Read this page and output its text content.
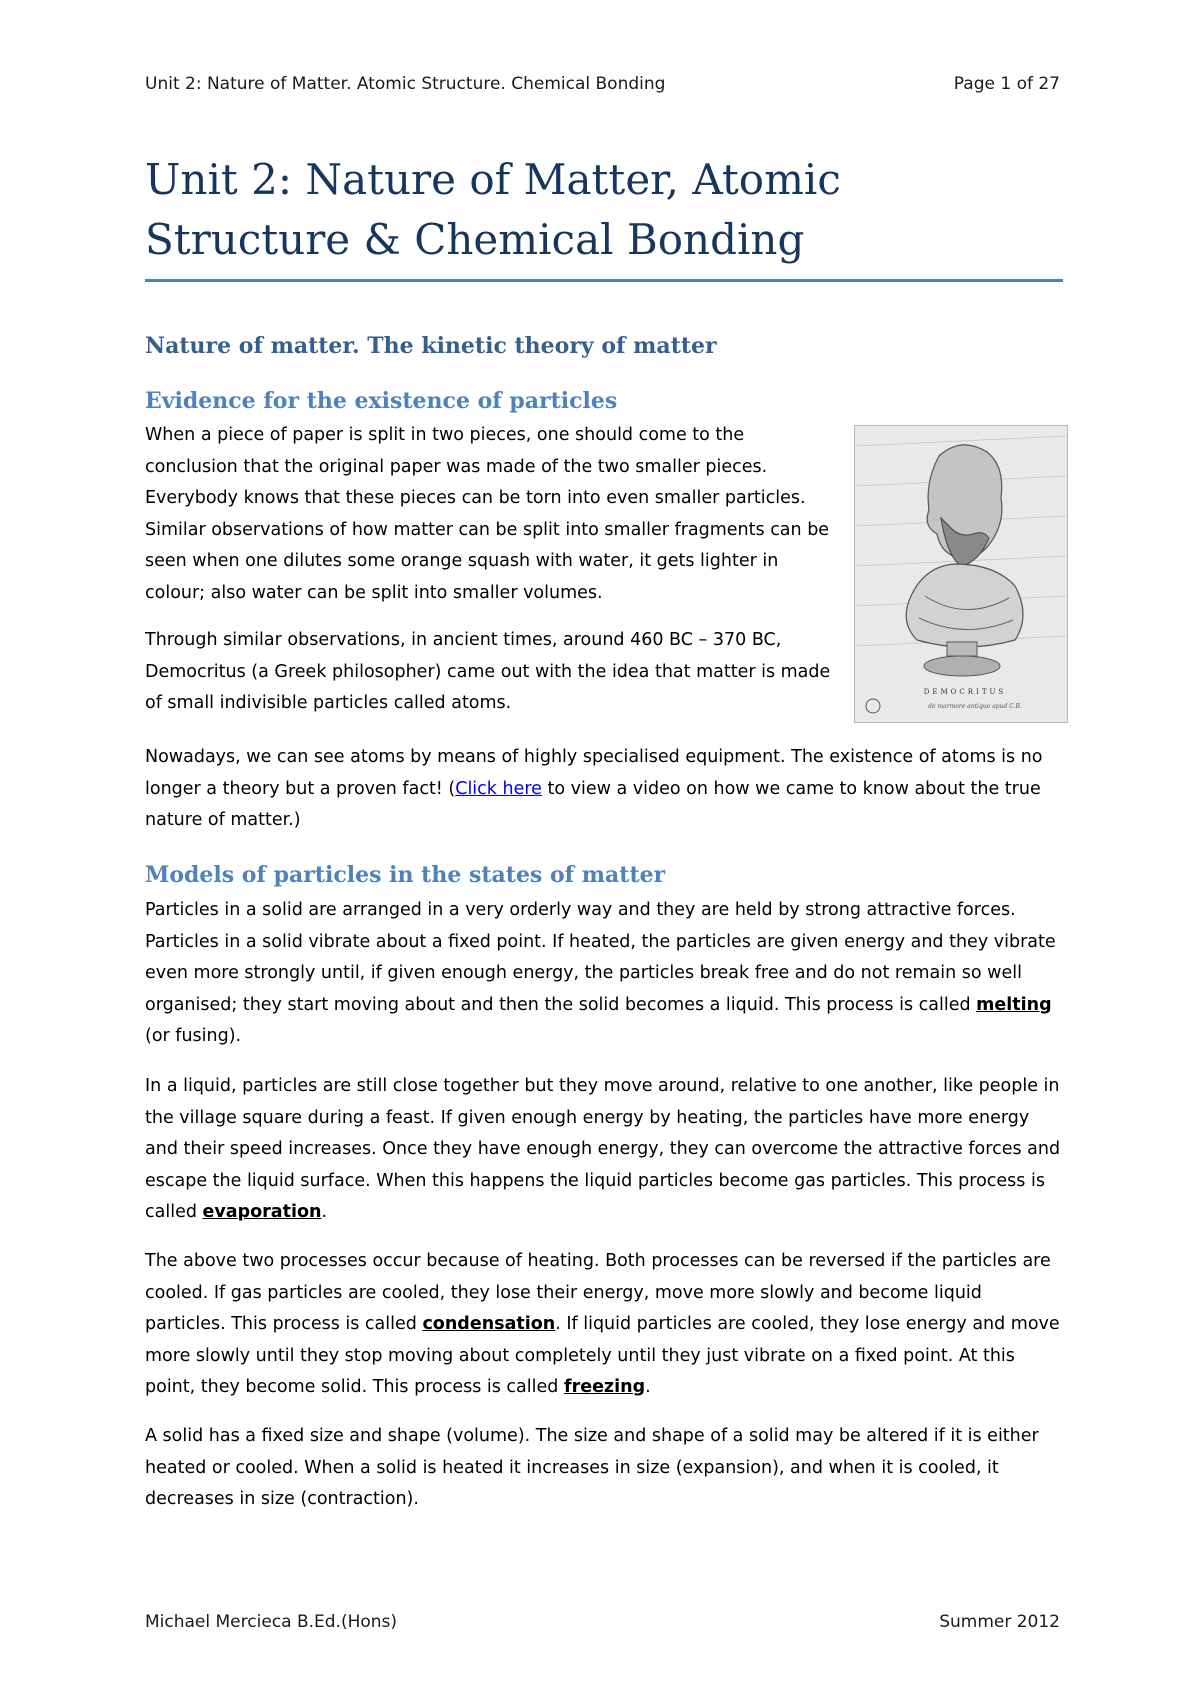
Unit 2: Nature of Matter. Atomic Structure. Chemical Bonding	Page 1 of 27
Unit 2: Nature of Matter, Atomic
Structure & Chemical Bonding
Nature of matter. The kinetic theory of matter
Evidence for the existence of particles

When a piece of paper is split in two pieces, one should come to the conclusion that the original paper was made of the two smaller pieces. Everybody knows that these pieces can be torn into even smaller particles. Similar observations of how matter can be split into smaller fragments can be seen when one dilutes some orange squash with water, it gets lighter in colour; also water can be split into smaller volumes.

Through similar observations, in ancient times, around 460 BC – 370 BC, Democritus (a Greek philosopher) came out with the idea that matter is made of small indivisible particles called atoms.

DEMOCRITUS
de marmore antiquo apud C.B.

Nowadays, we can see atoms by means of highly specialised equipment. The existence of atoms is no longer a theory but a proven fact! (Click here to view a video on how we came to know about the true nature of matter.)

Models of particles in the states of matter

Particles in a solid are arranged in a very orderly way and they are held by strong attractive forces. Particles in a solid vibrate about a fixed point. If heated, the particles are given energy and they vibrate even more strongly until, if given enough energy, the particles break free and do not remain so well organised; they start moving about and then the solid becomes a liquid. This process is called melting (or fusing).

In a liquid, particles are still close together but they move around, relative to one another, like people in the village square during a feast. If given enough energy by heating, the particles have more energy and their speed increases. Once they have enough energy, they can overcome the attractive forces and escape the liquid surface. When this happens the liquid particles become gas particles. This process is called evaporation.

The above two processes occur because of heating. Both processes can be reversed if the particles are cooled. If gas particles are cooled, they lose their energy, move more slowly and become liquid particles. This process is called condensation. If liquid particles are cooled, they lose energy and move more slowly until they stop moving about completely until they just vibrate on a fixed point. At this point, they become solid. This process is called freezing.

A solid has a fixed size and shape (volume). The size and shape of a solid may be altered if it is either heated or cooled. When a solid is heated it increases in size (expansion), and when it is cooled, it decreases in size (contraction).

Michael Mercieca B.Ed.(Hons)	Summer 2012
